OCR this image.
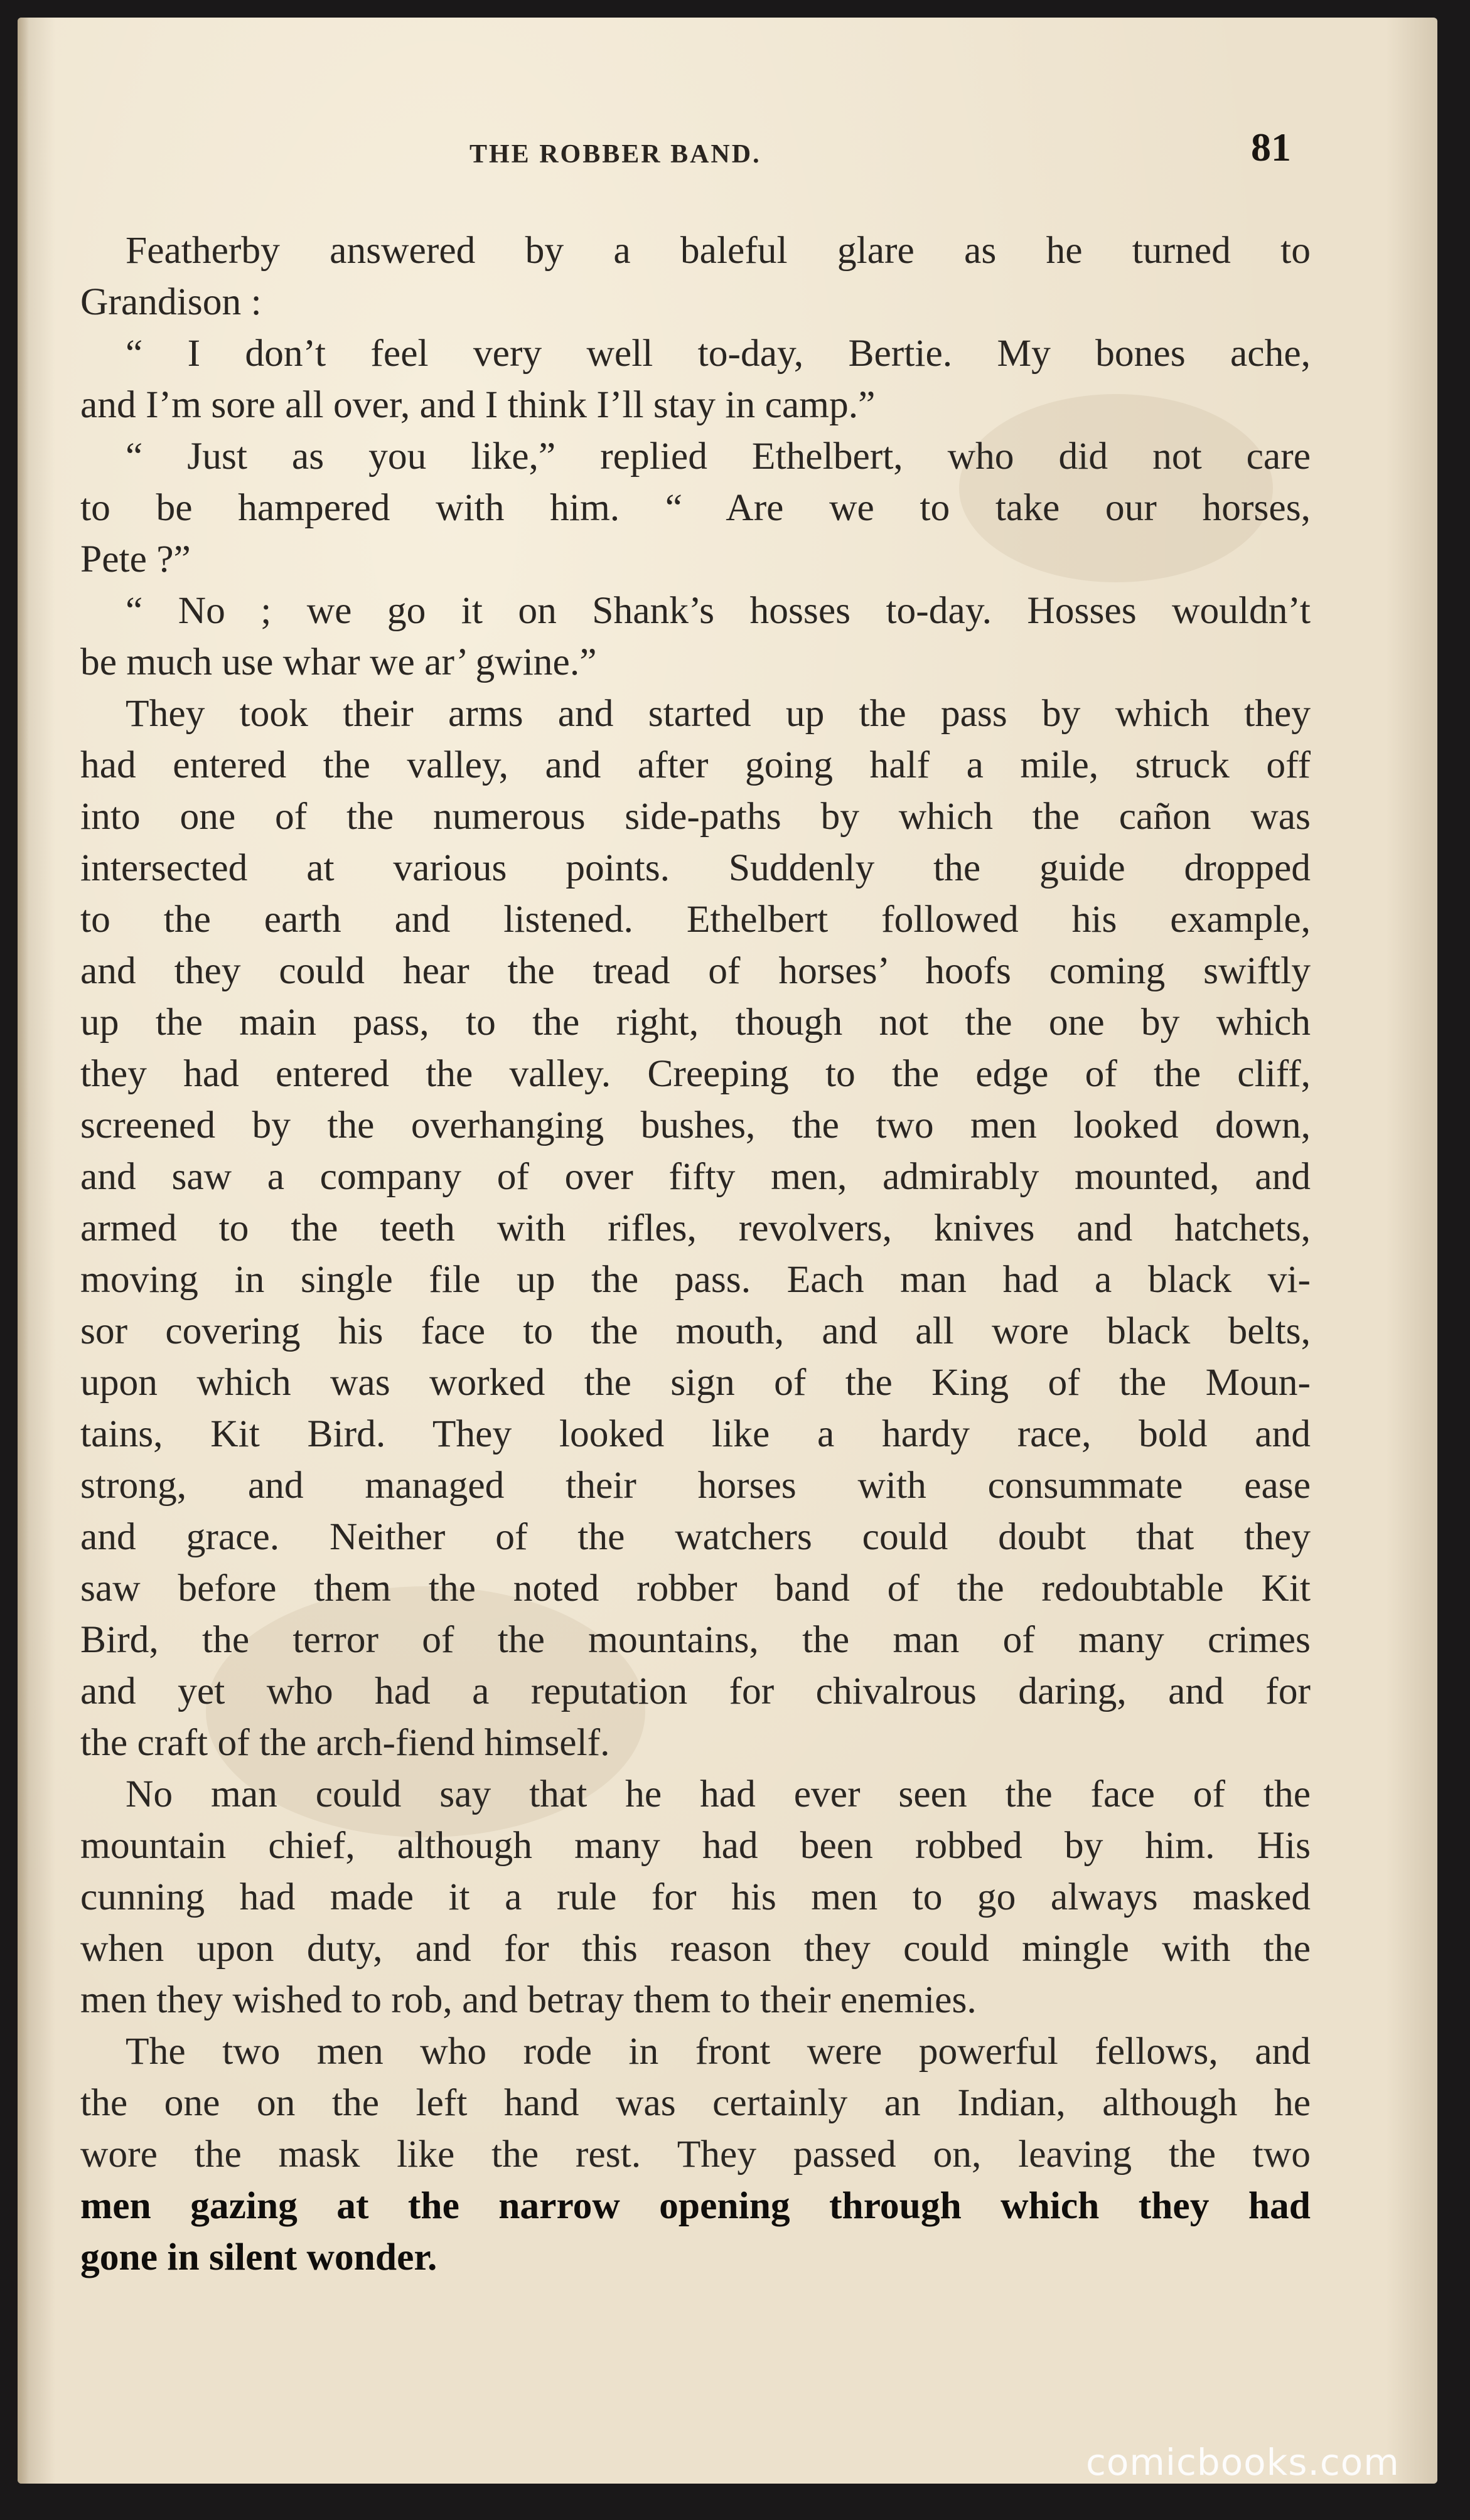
THE ROBBER BAND.	81
Featherby answered by a baleful glare as he turned to
Grandison :
“ I don’t feel very well to-day, Bertie. My bones ache,
and I’m sore all over, and I think I’ll stay in camp.”
“ Just as you like,” replied Ethelbert, who did not care
to be hampered with him. “ Are we to take our horses,
Pete ?”
“ No ; we go it on Shank’s hosses to-day. Hosses wouldn’t
be much use whar we ar’ gwine.”
They took their arms and started up the pass by which they
had entered the valley, and after going half a mile, struck off
into one of the numerous side-paths by which the cañon was
intersected at various points. Suddenly the guide dropped
to the earth and listened. Ethelbert followed his example,
and they could hear the tread of horses’ hoofs coming swiftly
up the main pass, to the right, though not the one by which
they had entered the valley. Creeping to the edge of the cliff,
screened by the overhanging bushes, the two men looked down,
and saw a company of over fifty men, admirably mounted, and
armed to the teeth with rifles, revolvers, knives and hatchets,
moving in single file up the pass. Each man had a black vi-
sor covering his face to the mouth, and all wore black belts,
upon which was worked the sign of the King of the Moun-
tains, Kit Bird. They looked like a hardy race, bold and
strong, and managed their horses with consummate ease
and grace. Neither of the watchers could doubt that they
saw before them the noted robber band of the redoubtable Kit
Bird, the terror of the mountains, the man of many crimes
and yet who had a reputation for chivalrous daring, and for
the craft of the arch-fiend himself.
No man could say that he had ever seen the face of the
mountain chief, although many had been robbed by him. His
cunning had made it a rule for his men to go always masked
when upon duty, and for this reason they could mingle with the
men they wished to rob, and betray them to their enemies.
The two men who rode in front were powerful fellows, and
the one on the left hand was certainly an Indian, although he
wore the mask like the rest. They passed on, leaving the two
men gazing at the narrow opening through which they had
gone in silent wonder.
comicbooks.com
